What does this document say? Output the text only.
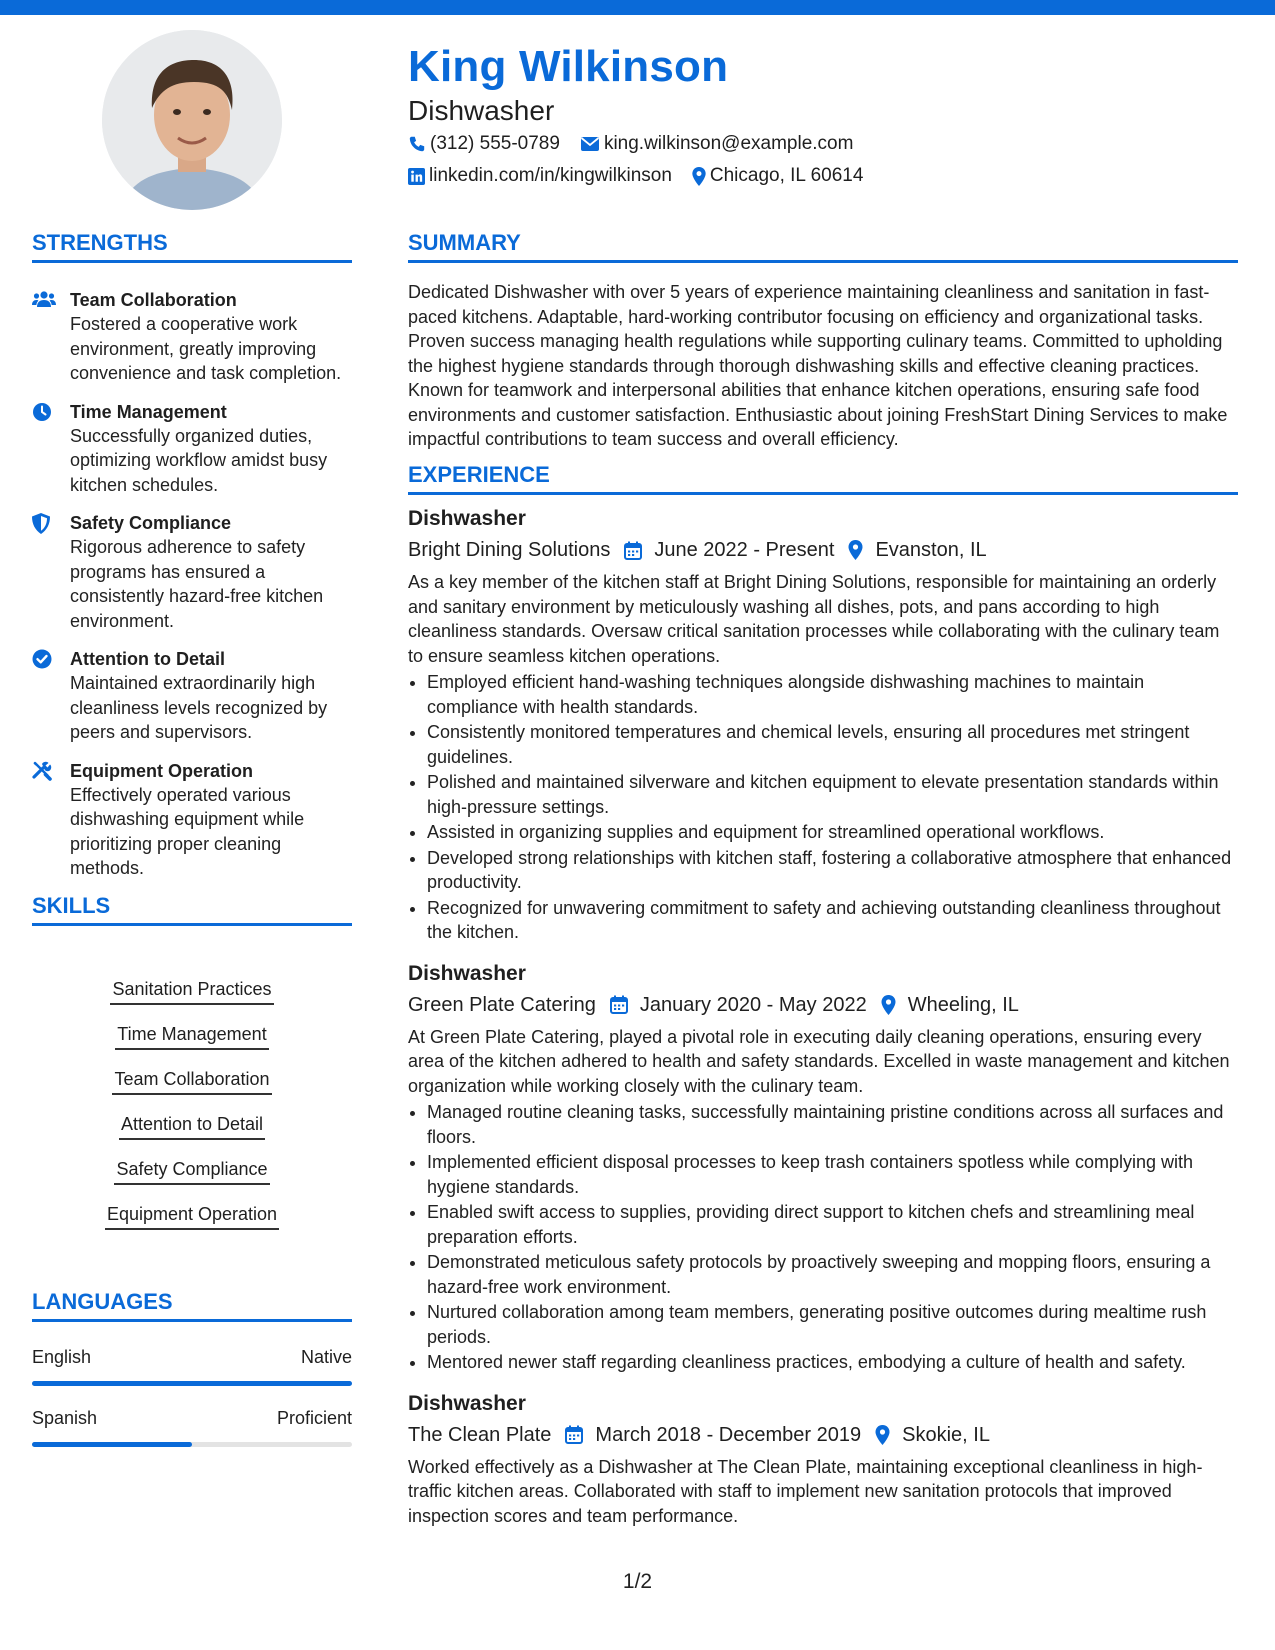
King Wilkinson
Dishwasher
(312) 555-0789 king.wilkinson@example.com
linkedin.com/in/kingwilkinson Chicago, IL 60614
STRENGTHS
Team Collaboration
Fostered a cooperative work environment, greatly improving convenience and task completion.
Time Management
Successfully organized duties, optimizing workflow amidst busy kitchen schedules.
Safety Compliance
Rigorous adherence to safety programs has ensured a consistently hazard-free kitchen environment.
Attention to Detail
Maintained extraordinarily high cleanliness levels recognized by peers and supervisors.
Equipment Operation
Effectively operated various dishwashing equipment while prioritizing proper cleaning methods.
SKILLS
Sanitation Practices
Time Management
Team Collaboration
Attention to Detail
Safety Compliance
Equipment Operation
LANGUAGES
English	Native
Spanish	Proficient
SUMMARY
Dedicated Dishwasher with over 5 years of experience maintaining cleanliness and sanitation in fast-paced kitchens. Adaptable, hard-working contributor focusing on efficiency and organizational tasks. Proven success managing health regulations while supporting culinary teams. Committed to upholding the highest hygiene standards through thorough dishwashing skills and effective cleaning practices. Known for teamwork and interpersonal abilities that enhance kitchen operations, ensuring safe food environments and customer satisfaction. Enthusiastic about joining FreshStart Dining Services to make impactful contributions to team success and overall efficiency.
EXPERIENCE
Dishwasher
Bright Dining Solutions June 2022 - Present Evanston, IL
As a key member of the kitchen staff at Bright Dining Solutions, responsible for maintaining an orderly and sanitary environment by meticulously washing all dishes, pots, and pans according to high cleanliness standards. Oversaw critical sanitation processes while collaborating with the culinary team to ensure seamless kitchen operations.
• Employed efficient hand-washing techniques alongside dishwashing machines to maintain compliance with health standards.
• Consistently monitored temperatures and chemical levels, ensuring all procedures met stringent guidelines.
• Polished and maintained silverware and kitchen equipment to elevate presentation standards within high-pressure settings.
• Assisted in organizing supplies and equipment for streamlined operational workflows.
• Developed strong relationships with kitchen staff, fostering a collaborative atmosphere that enhanced productivity.
• Recognized for unwavering commitment to safety and achieving outstanding cleanliness throughout the kitchen.
Dishwasher
Green Plate Catering January 2020 - May 2022 Wheeling, IL
At Green Plate Catering, played a pivotal role in executing daily cleaning operations, ensuring every area of the kitchen adhered to health and safety standards. Excelled in waste management and kitchen organization while working closely with the culinary team.
• Managed routine cleaning tasks, successfully maintaining pristine conditions across all surfaces and floors.
• Implemented efficient disposal processes to keep trash containers spotless while complying with hygiene standards.
• Enabled swift access to supplies, providing direct support to kitchen chefs and streamlining meal preparation efforts.
• Demonstrated meticulous safety protocols by proactively sweeping and mopping floors, ensuring a hazard-free work environment.
• Nurtured collaboration among team members, generating positive outcomes during mealtime rush periods.
• Mentored newer staff regarding cleanliness practices, embodying a culture of health and safety.
Dishwasher
The Clean Plate March 2018 - December 2019 Skokie, IL
Worked effectively as a Dishwasher at The Clean Plate, maintaining exceptional cleanliness in high-traffic kitchen areas. Collaborated with staff to implement new sanitation protocols that improved inspection scores and team performance.
1/2
